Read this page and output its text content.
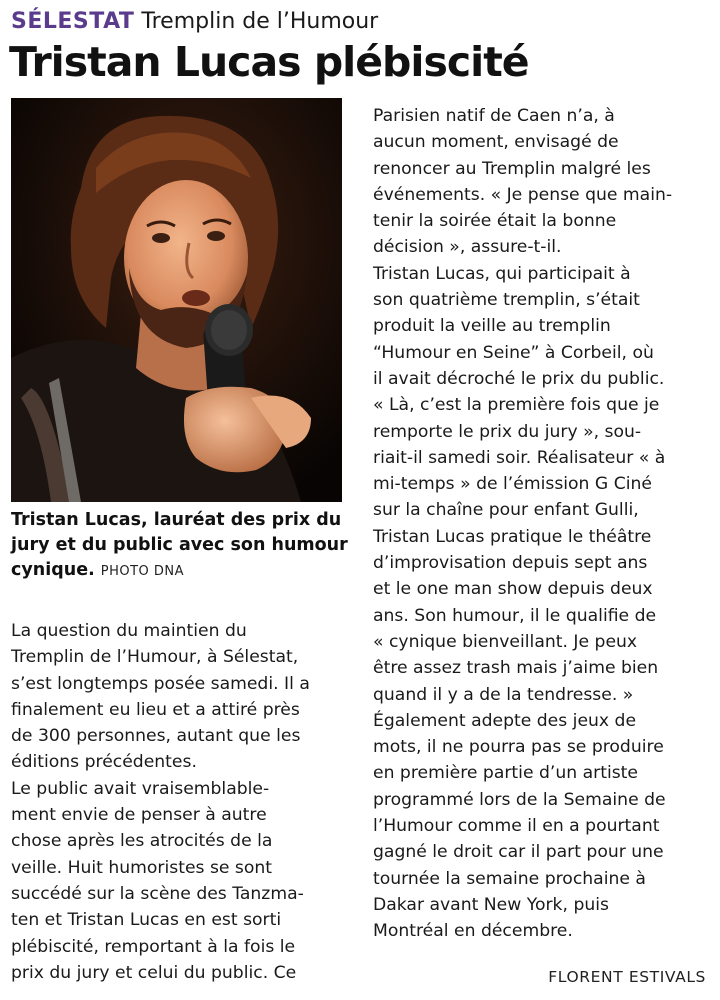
SÉLESTAT Tremplin de l’Humour
Tristan Lucas plébiscité
Tristan Lucas, lauréat des prix du jury et du public avec son humour cynique. PHOTO DNA

La question du maintien du

Tremplin de l’Humour, à Sélestat,

s’est longtemps posée samedi. Il a

finalement eu lieu et a attiré près

de 300 personnes, autant que les

éditions précédentes.

Le public avait vraisemblable-

ment envie de penser à autre

chose après les atrocités de la

veille. Huit humoristes se sont

succédé sur la scène des Tanzma-

ten et Tristan Lucas en est sorti

plébiscité, remportant à la fois le

prix du jury et celui du public. Ce

Parisien natif de Caen n’a, à

aucun moment, envisagé de

renoncer au Tremplin malgré les

événements. « Je pense que main-

tenir la soirée était la bonne

décision », assure-t-il.

Tristan Lucas, qui participait à

son quatrième tremplin, s’était

produit la veille au tremplin

“Humour en Seine” à Corbeil, où

il avait décroché le prix du public.

« Là, c’est la première fois que je

remporte le prix du jury », sou-

riait-il samedi soir. Réalisateur « à

mi-temps » de l’émission G Ciné

sur la chaîne pour enfant Gulli,

Tristan Lucas pratique le théâtre

d’improvisation depuis sept ans

et le one man show depuis deux

ans. Son humour, il le qualifie de

« cynique bienveillant. Je peux

être assez trash mais j’aime bien

quand il y a de la tendresse. »

Également adepte des jeux de

mots, il ne pourra pas se produire

en première partie d’un artiste

programmé lors de la Semaine de

l’Humour comme il en a pourtant

gagné le droit car il part pour une

tournée la semaine prochaine à

Dakar avant New York, puis

Montréal en décembre.

FLORENT ESTIVALS
